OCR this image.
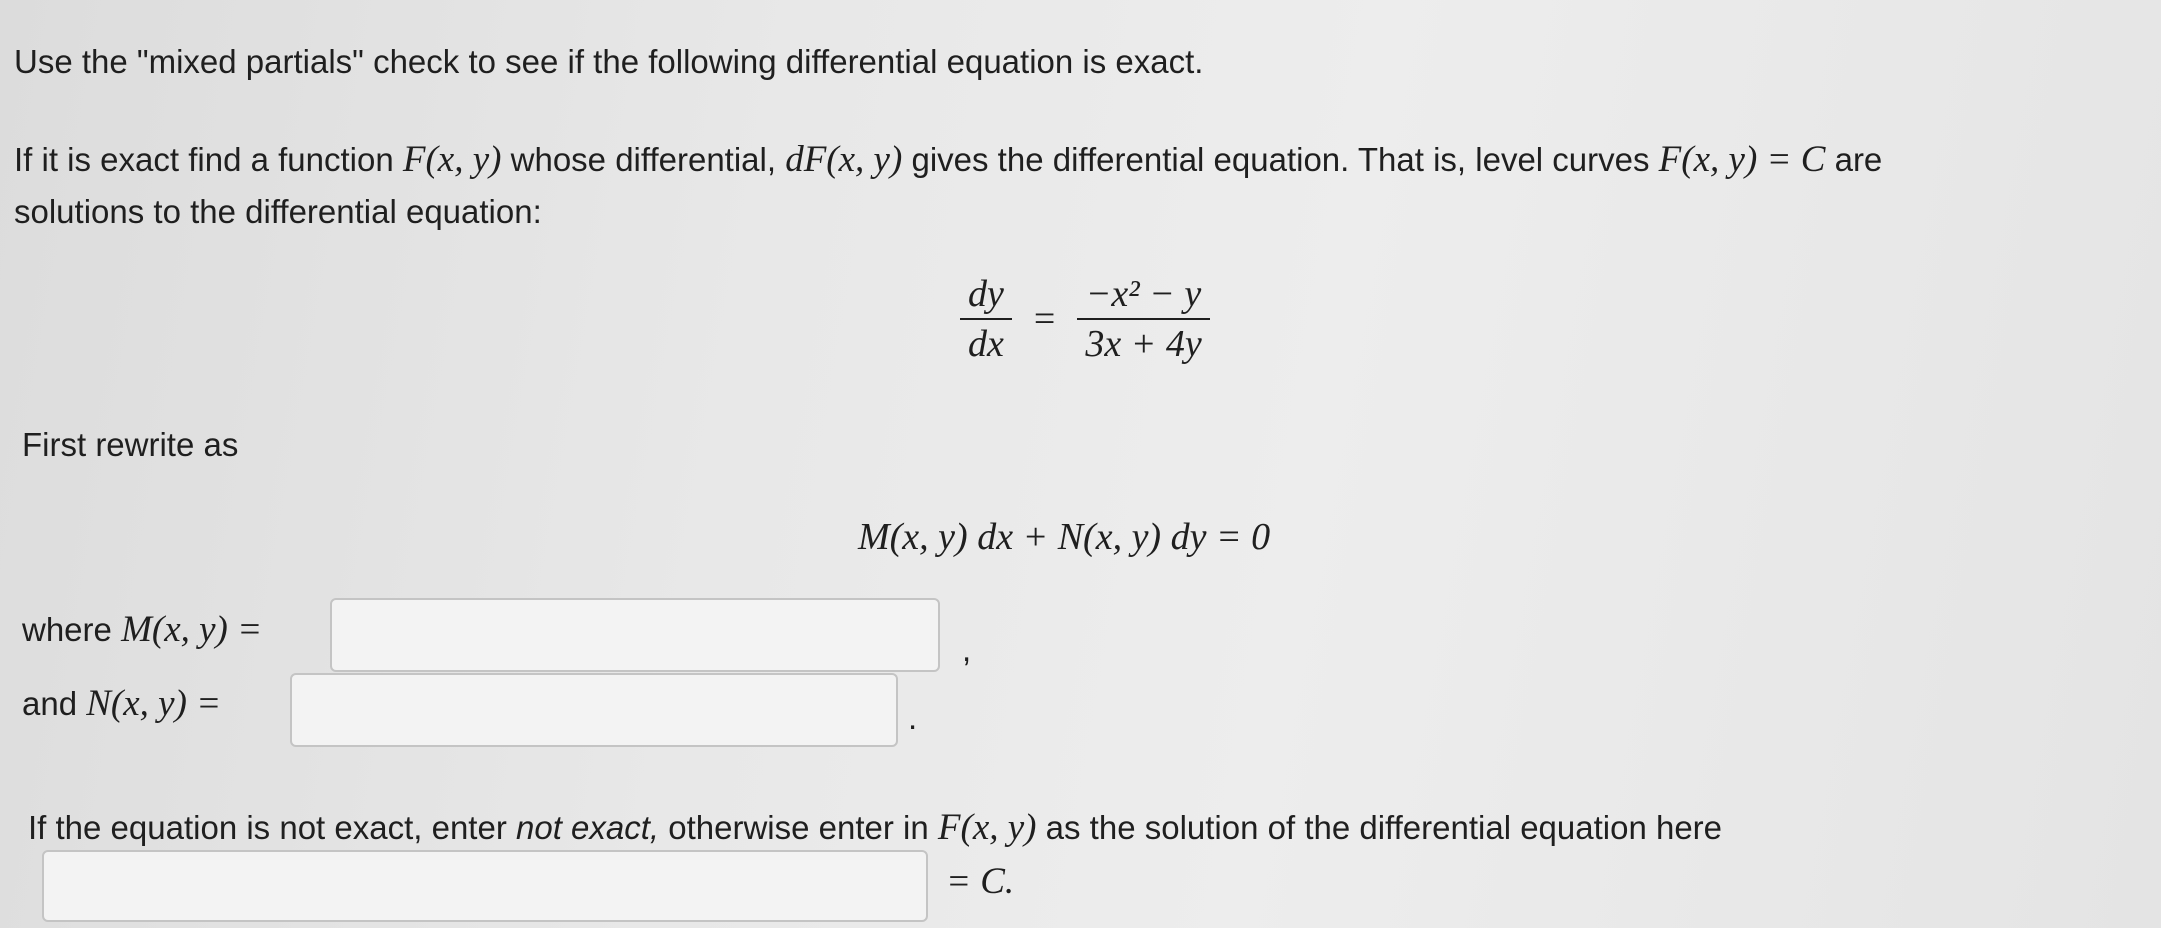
Use the "mixed partials" check to see if the following differential equation is exact.
If it is exact find a function F(x, y) whose differential, dF(x, y) gives the differential equation. That is, level curves F(x, y) = C are
solutions to the differential equation:
$\frac{dy}{dx} = \frac{\text{−x² − y}}{3x + 4y}$
First rewrite as
M(x, y) dx + N(x, y) dy = 0
where M(x, y) =	,
and N(x, y) =	.
If the equation is not exact, enter not exact, otherwise enter in F(x, y) as the solution of the differential equation here
= C.
